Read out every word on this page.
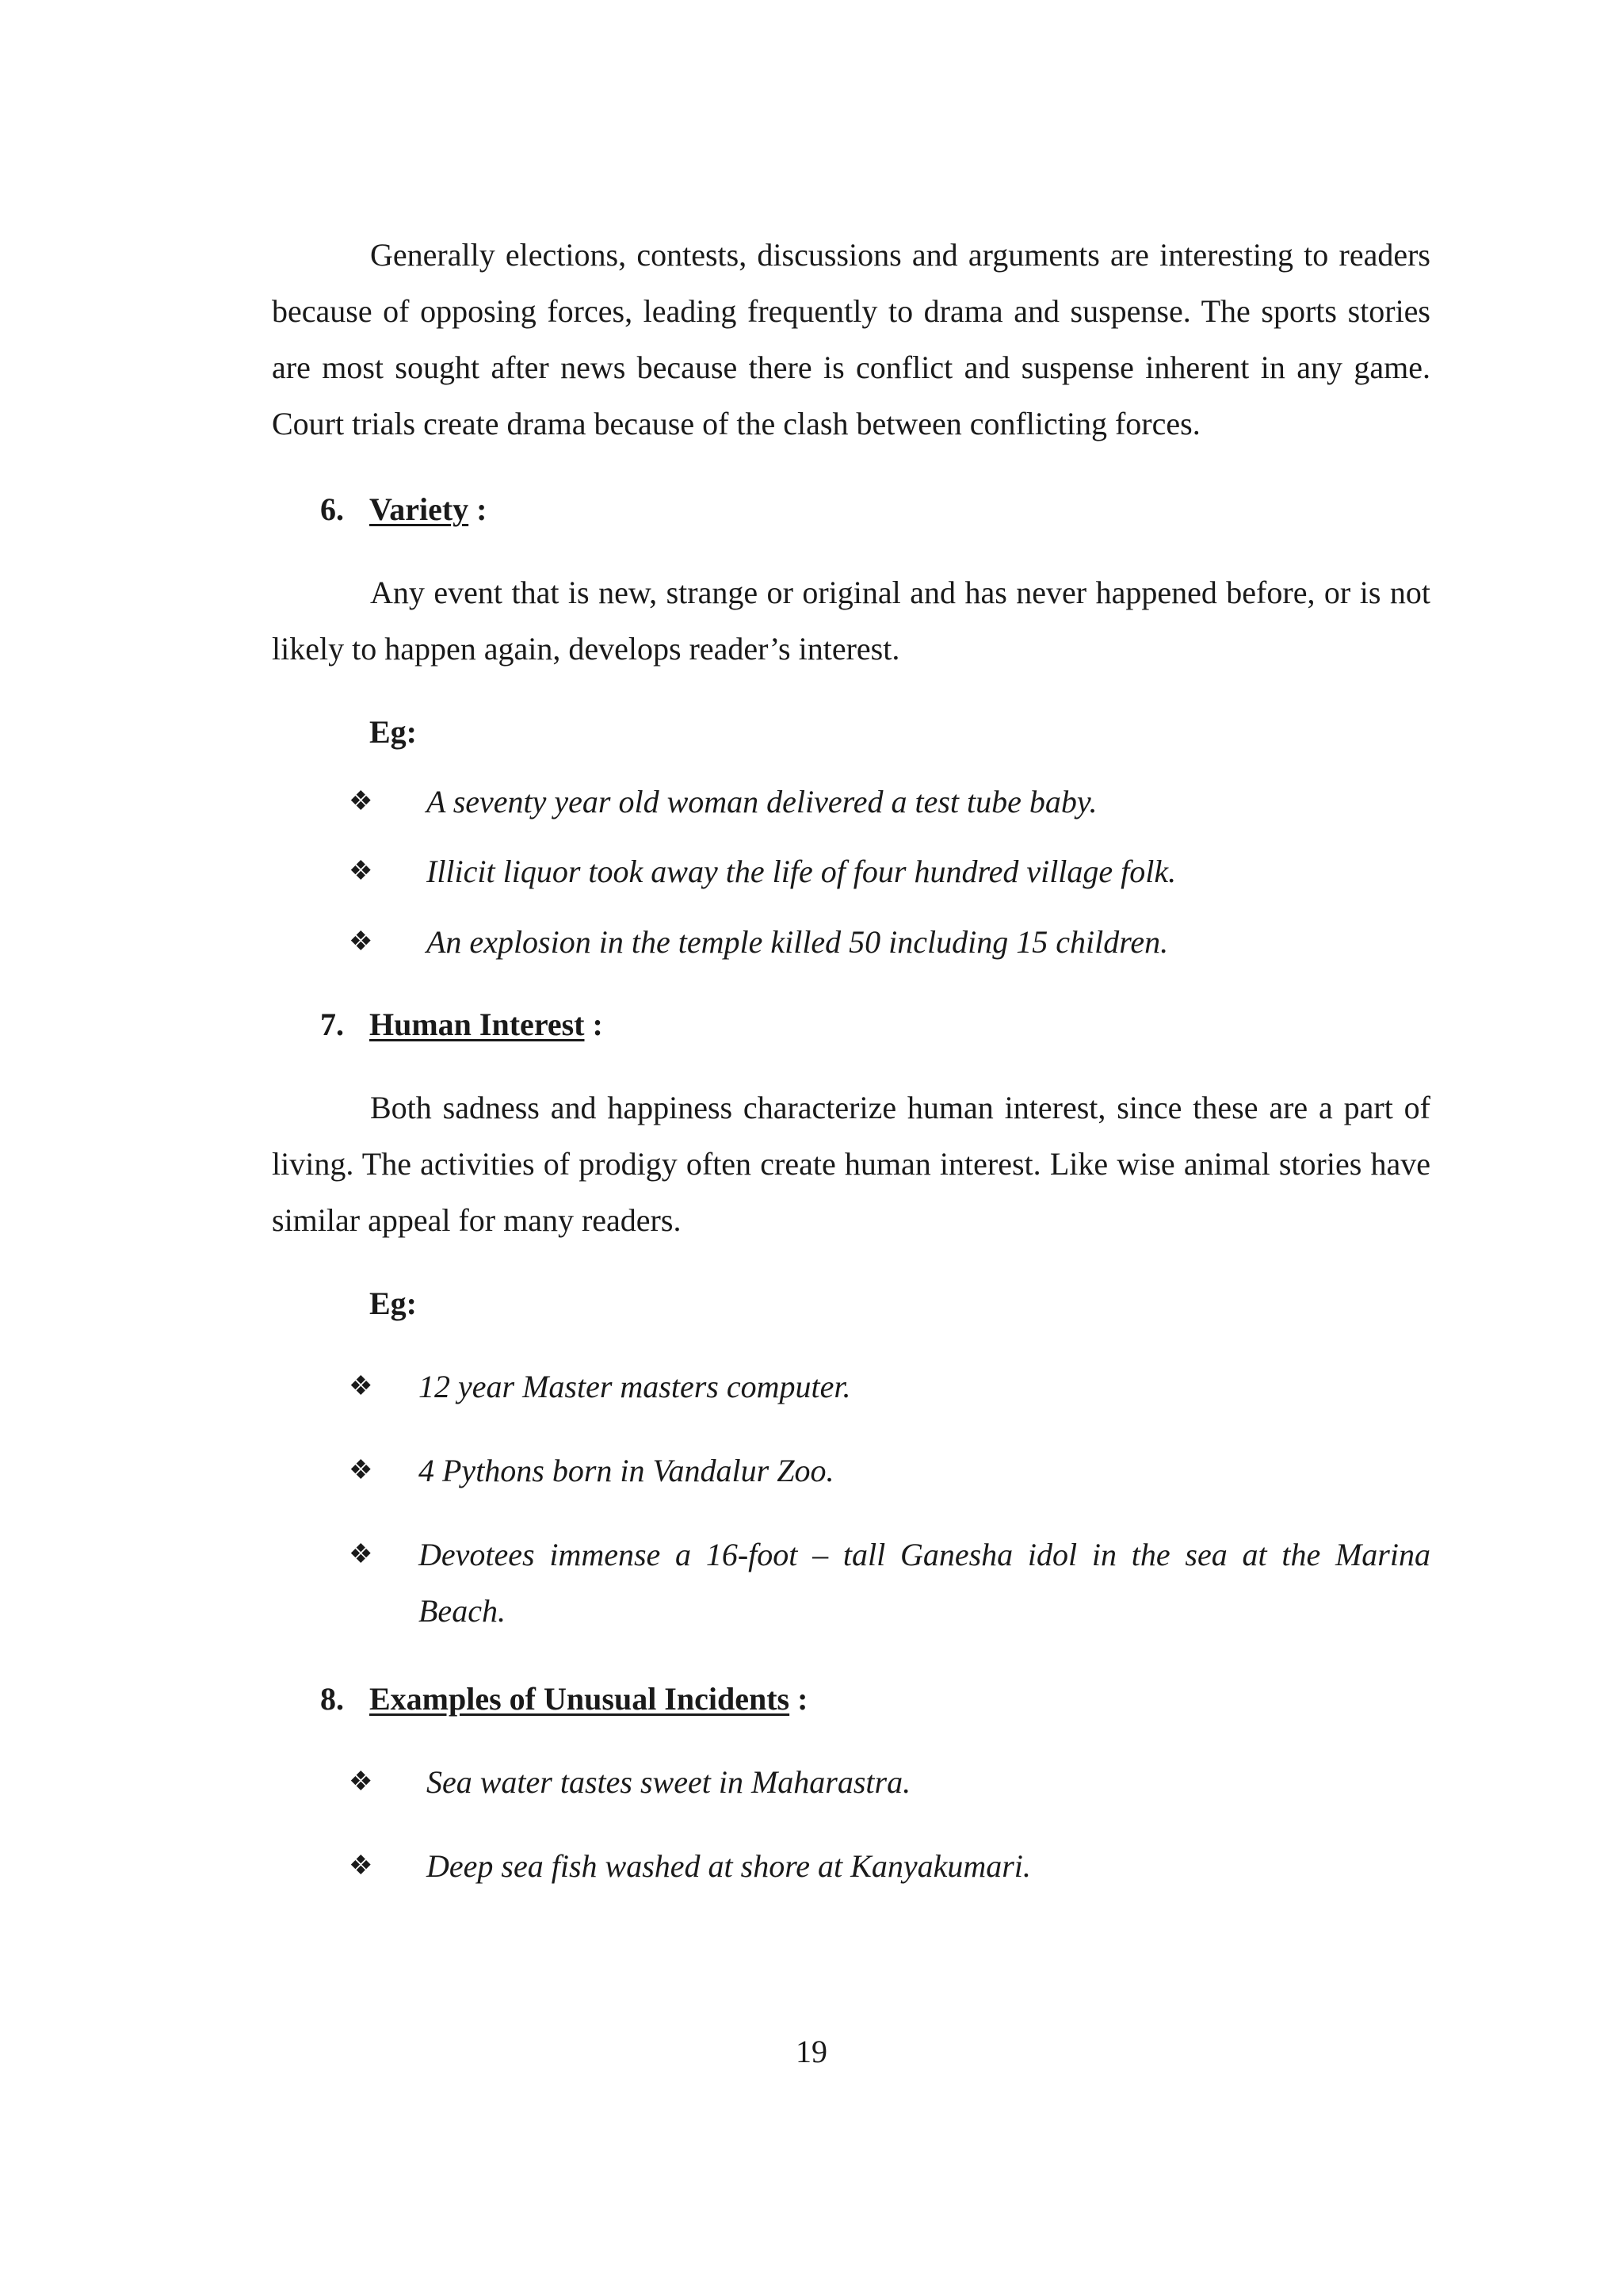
Generally elections, contests, discussions and arguments are interesting to readers because of opposing forces, leading frequently to drama and suspense. The sports stories are most sought after news because there is conflict and suspense inherent in any game. Court trials create drama because of the clash between conflicting forces.

6. Variety :

Any event that is new, strange or original and has never happened before, or is not likely to happen again, develops reader’s interest.

Eg:

❖ A seventy year old woman delivered a test tube baby.
❖ Illicit liquor took away the life of four hundred village folk.
❖ An explosion in the temple killed 50 including 15 children.

7. Human Interest :

Both sadness and happiness characterize human interest, since these are a part of living. The activities of prodigy often create human interest. Like wise animal stories have similar appeal for many readers.

Eg:

❖ 12 year Master masters computer.
❖ 4 Pythons born in Vandalur Zoo.
❖ Devotees immense a 16-foot – tall Ganesha idol in the sea at the Marina Beach.

8. Examples of Unusual Incidents :

❖ Sea water tastes sweet in Maharastra.
❖ Deep sea fish washed at shore at Kanyakumari.

19
